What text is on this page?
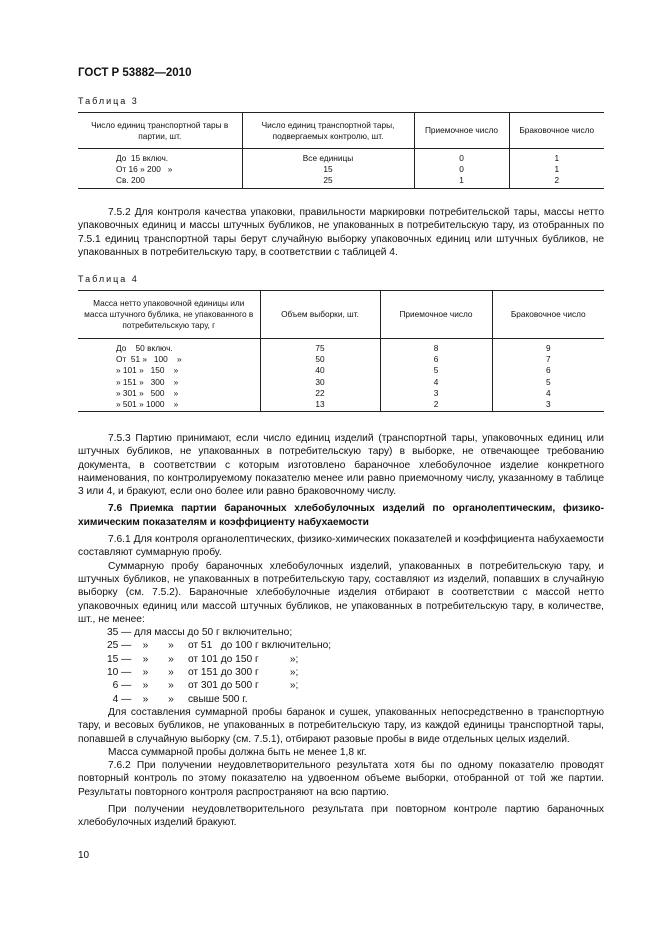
ГОСТ Р 53882—2010
Таблица 3
Число единиц транспортной тары в партии, шт.	Число единиц транспортной тары, подвергаемых контролю, шт.	Приемочное число	Браковочное число
До  15 включ.	Все единицы	0	1
От 16 » 200   »	15	0	1
Св. 200	25	1	2

7.5.2 Для контроля качества упаковки, правильности маркировки потребительской тары, массы нетто упаковочных единиц и массы штучных бубликов, не упакованных в потребительскую тару, из отобранных по 7.5.1 единиц транспортной тары берут случайную выборку упаковочных единиц или штучных бубликов, не упакованных в потребительскую тару, в соответствии с таблицей 4.

Таблица 4
Масса нетто упаковочной единицы или масса штучного бублика, не упакованного в потребительскую тару, г	Объем выборки, шт.	Приемочное число	Браковочное число
До    50 включ.	75	8	9
От  51 »   100    »	50	6	7
» 101 »   150    »	40	5	6
» 151 »   300    »	30	4	5
» 301 »   500    »	22	3	4
» 501 » 1000    »	13	2	3

7.5.3 Партию принимают, если число единиц изделий (транспортной тары, упаковочных единиц или штучных бубликов, не упакованных в потребительскую тару) в выборке, не отвечающее требованию документа, в соответствии с которым изготовлено бараночное хлебобулочное изделие конкретного наименования, по контролируемому показателю менее или равно приемочному числу, указанному в таблице 3 или 4, и бракуют, если оно более или равно браковочному числу.

7.6 Приемка партии бараночных хлебобулочных изделий по органолептическим, физико-химическим показателям и коэффициенту набухаемости

7.6.1 Для контроля органолептических, физико-химических показателей и коэффициента набухаемости составляют суммарную пробу.

Суммарную пробу бараночных хлебобулочных изделий, упакованных в потребительскую тару, и штучных бубликов, не упакованных в потребительскую тару, составляют из изделий, попавших в случайную выборку (см. 7.5.2). Бараночные хлебобулочные изделия отбирают в соответствии с массой нетто упаковочных единиц или массой штучных бубликов, не упакованных в потребительскую тару, в количестве, шт., не менее:

35 — для массы до 50 г включительно;
25 —    »       »     от 51   до 100 г включительно;
15 —    »       »     от 101 до 150 г           »;
10 —    »       »     от 151 до 300 г           »;
6 —    »       »     от 301 до 500 г           »;
4 —    »       »     свыше 500 г.

Для составления суммарной пробы баранок и сушек, упакованных непосредственно в транспортную тару, и весовых бубликов, не упакованных в потребительскую тару, из каждой единицы транспортной тары, попавшей в случайную выборку (см. 7.5.1), отбирают разовые пробы в виде отдельных целых изделий.

Масса суммарной пробы должна быть не менее 1,8 кг.

7.6.2 При получении неудовлетворительного результата хотя бы по одному показателю проводят повторный контроль по этому показателю на удвоенном объеме выборки, отобранной от той же партии. Результаты повторного контроля распространяют на всю партию.

При получении неудовлетворительного результата при повторном контроле партию бараночных хлебобулочных изделий бракуют.

10
